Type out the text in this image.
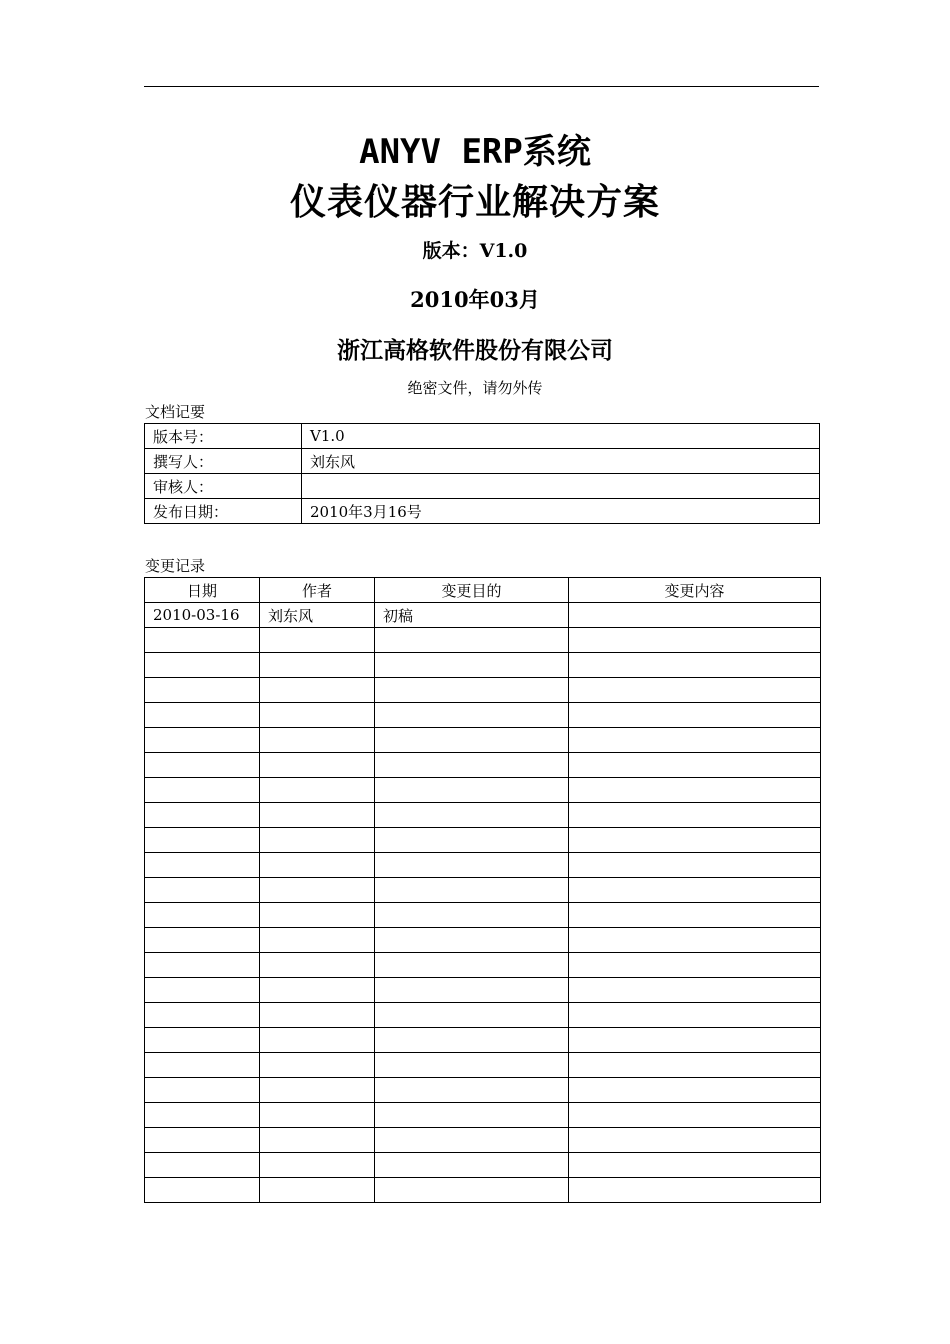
ANYV ERP系统
仪表仪器行业解决方案
版本：V1.0
2010年03月
浙江高格软件股份有限公司
绝密文件，请勿外传
文档记要
版本号：	V1.0
撰写人：	刘东风
审核人：	
发布日期：	2010年3月16号
变更记录
日期	作者	变更目的	变更内容
2010-03-16	刘东风	初稿	
